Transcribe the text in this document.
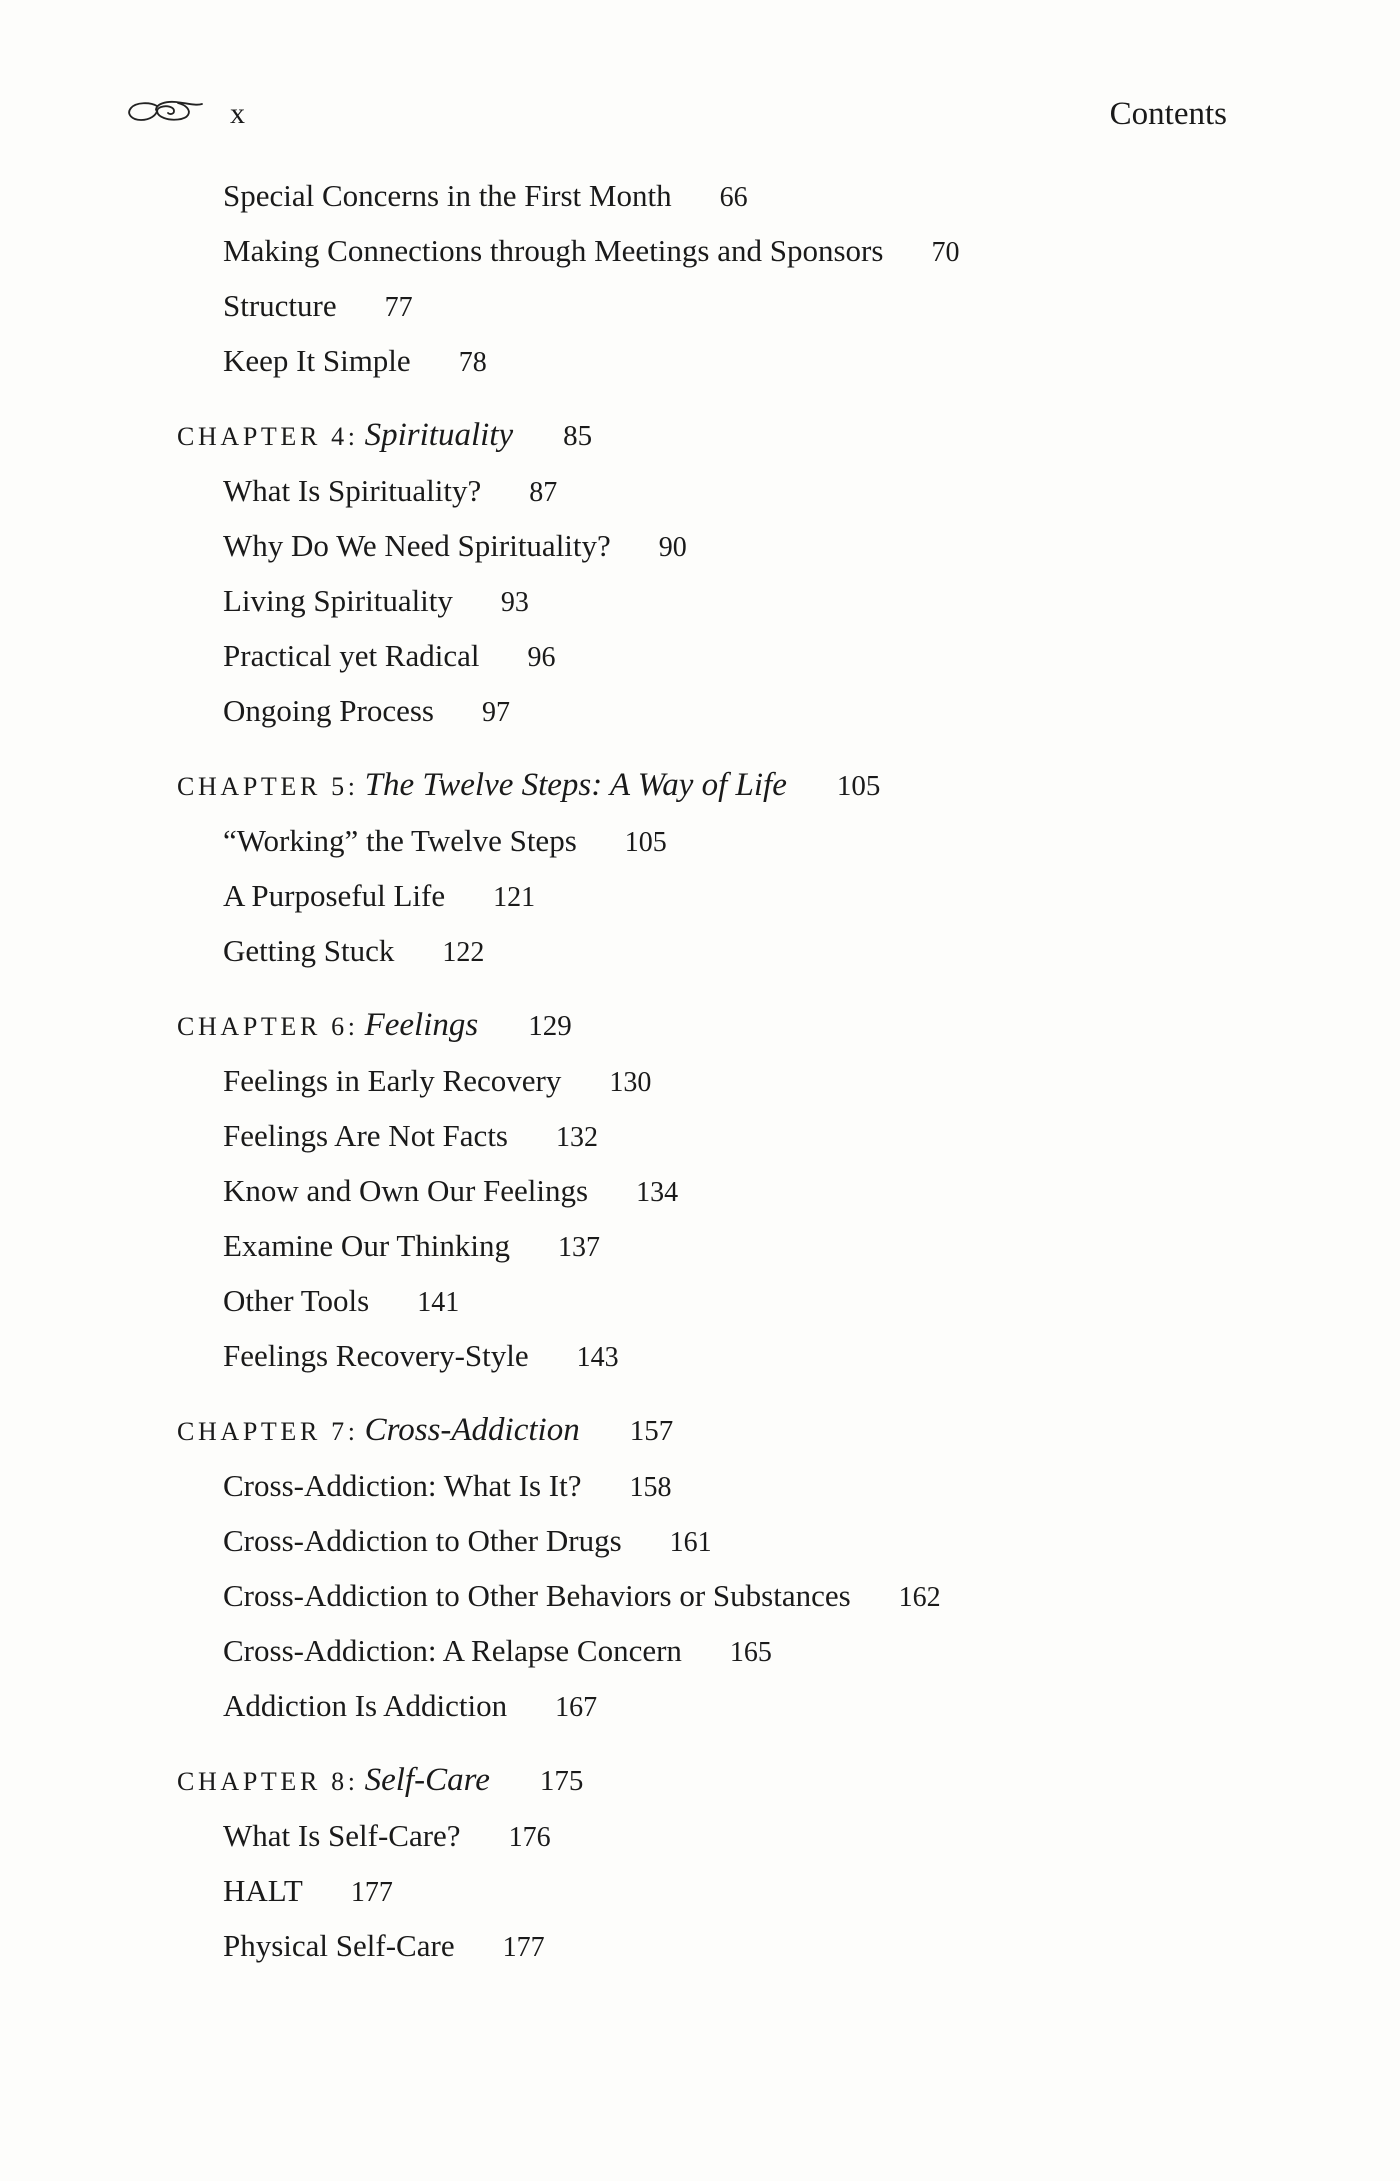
x	Contents
Special Concerns in the First Month 66
Making Connections through Meetings and Sponsors 70
Structure 77
Keep It Simple 78
CHAPTER 4: Spirituality 85
What Is Spirituality? 87
Why Do We Need Spirituality? 90
Living Spirituality 93
Practical yet Radical 96
Ongoing Process 97
CHAPTER 5: The Twelve Steps: A Way of Life 105
“Working” the Twelve Steps 105
A Purposeful Life 121
Getting Stuck 122
CHAPTER 6: Feelings 129
Feelings in Early Recovery 130
Feelings Are Not Facts 132
Know and Own Our Feelings 134
Examine Our Thinking 137
Other Tools 141
Feelings Recovery-Style 143
CHAPTER 7: Cross-Addiction 157
Cross-Addiction: What Is It? 158
Cross-Addiction to Other Drugs 161
Cross-Addiction to Other Behaviors or Substances 162
Cross-Addiction: A Relapse Concern 165
Addiction Is Addiction 167
CHAPTER 8: Self-Care 175
What Is Self-Care? 176
HALT 177
Physical Self-Care 177
